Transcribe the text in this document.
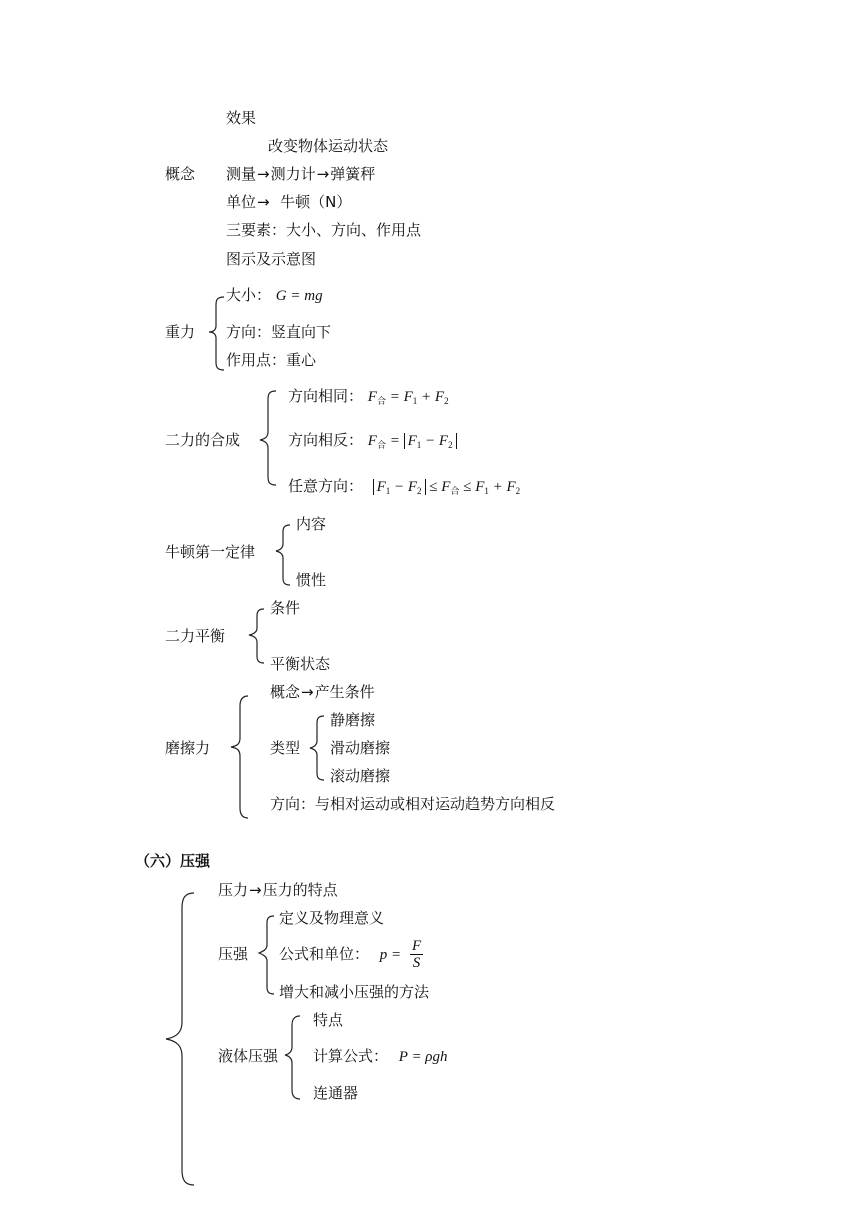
效果
改变物体运动状态
概念 测量→测力计→弹簧秤
单位→ 牛顿（N）
三要素：大小、方向、作用点
图示及示意图
重力
大小： G = mg
方向：竖直向下
作用点：重心
二力的合成
方向相同： $F_合 = F_1 + F_2$
方向相反： $F_合 = F_1 - F_2$
任意方向： $F_1 - F_2 \le F_合 \le F_1 + F_2$
牛顿第一定律
内容
惯性
二力平衡
条件
平衡状态
磨擦力
概念→产生条件
类型
静磨擦
滑动磨擦
滚动磨擦
方向：与相对运动或相对运动趋势方向相反
（六）压强
压力→压力的特点
压强
定义及物理意义
公式和单位： $p = \frac{F}{S}$
增大和减小压强的方法
液体压强
特点
计算公式： P = ρgh
连通器
